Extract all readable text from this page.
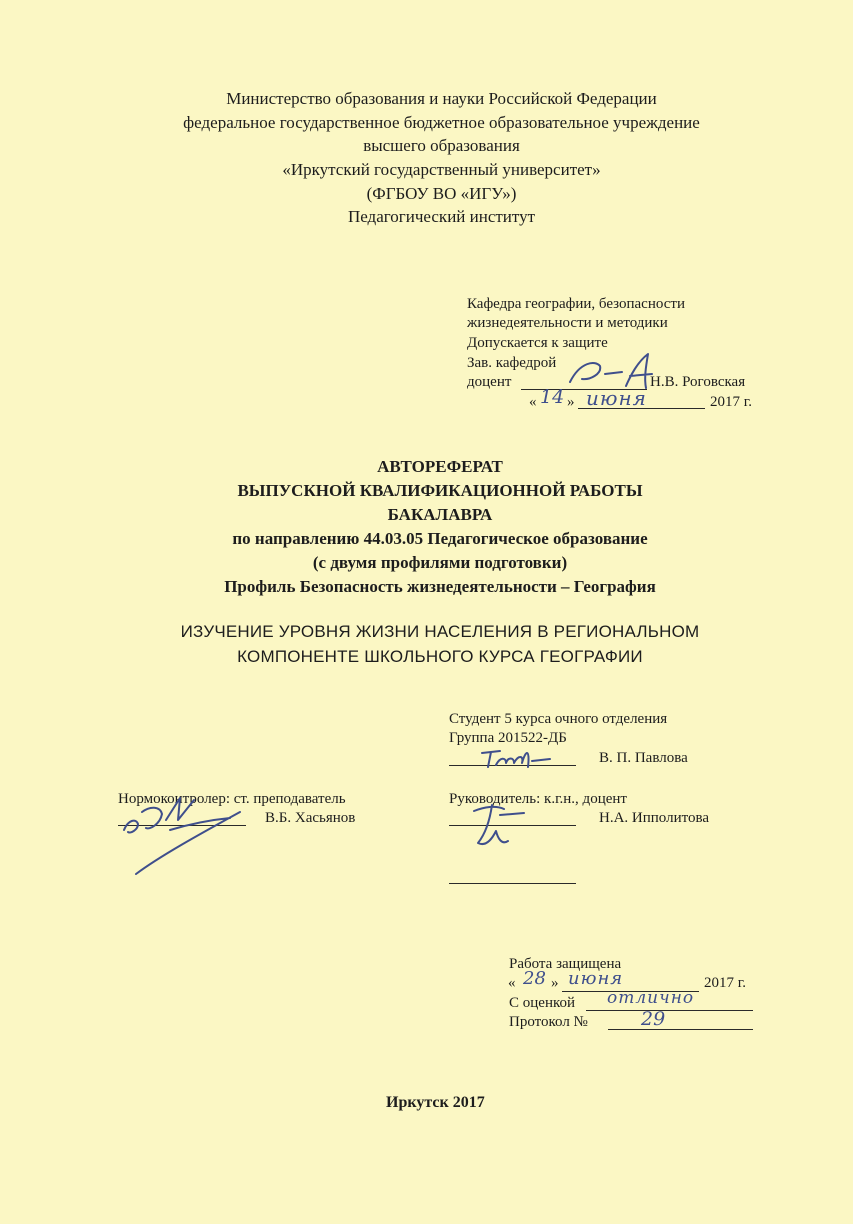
Министерство образования и науки Российской Федерации
федеральное государственное бюджетное образовательное учреждение
высшего образования
«Иркутский государственный университет»
(ФГБОУ ВО «ИГУ»)
Педагогический институт
Кафедра географии, безопасности
жизнедеятельности и методики
Допускается к защите
Зав. кафедрой
доцент	Н.В. Роговская
« 14 » июня	2017 г.
АВТОРЕФЕРАТ
ВЫПУСКНОЙ КВАЛИФИКАЦИОННОЙ РАБОТЫ
БАКАЛАВРА
по направлению 44.03.05 Педагогическое образование
(с двумя профилями подготовки)
Профиль Безопасность жизнедеятельности – География
ИЗУЧЕНИЕ УРОВНЯ ЖИЗНИ НАСЕЛЕНИЯ В РЕГИОНАЛЬНОМ
КОМПОНЕНТЕ ШКОЛЬНОГО КУРСА ГЕОГРАФИИ
Студент 5 курса очного отделения
Группа 201522-ДБ
В. П. Павлова
Нормоконтролер: ст. преподаватель
В.Б. Хасьянов
Руководитель: к.г.н., доцент
Н.А. Ипполитова
Работа защищена
« 28 » июня	2017 г.
С оценкой отлично
Протокол №	29
Иркутск 2017
